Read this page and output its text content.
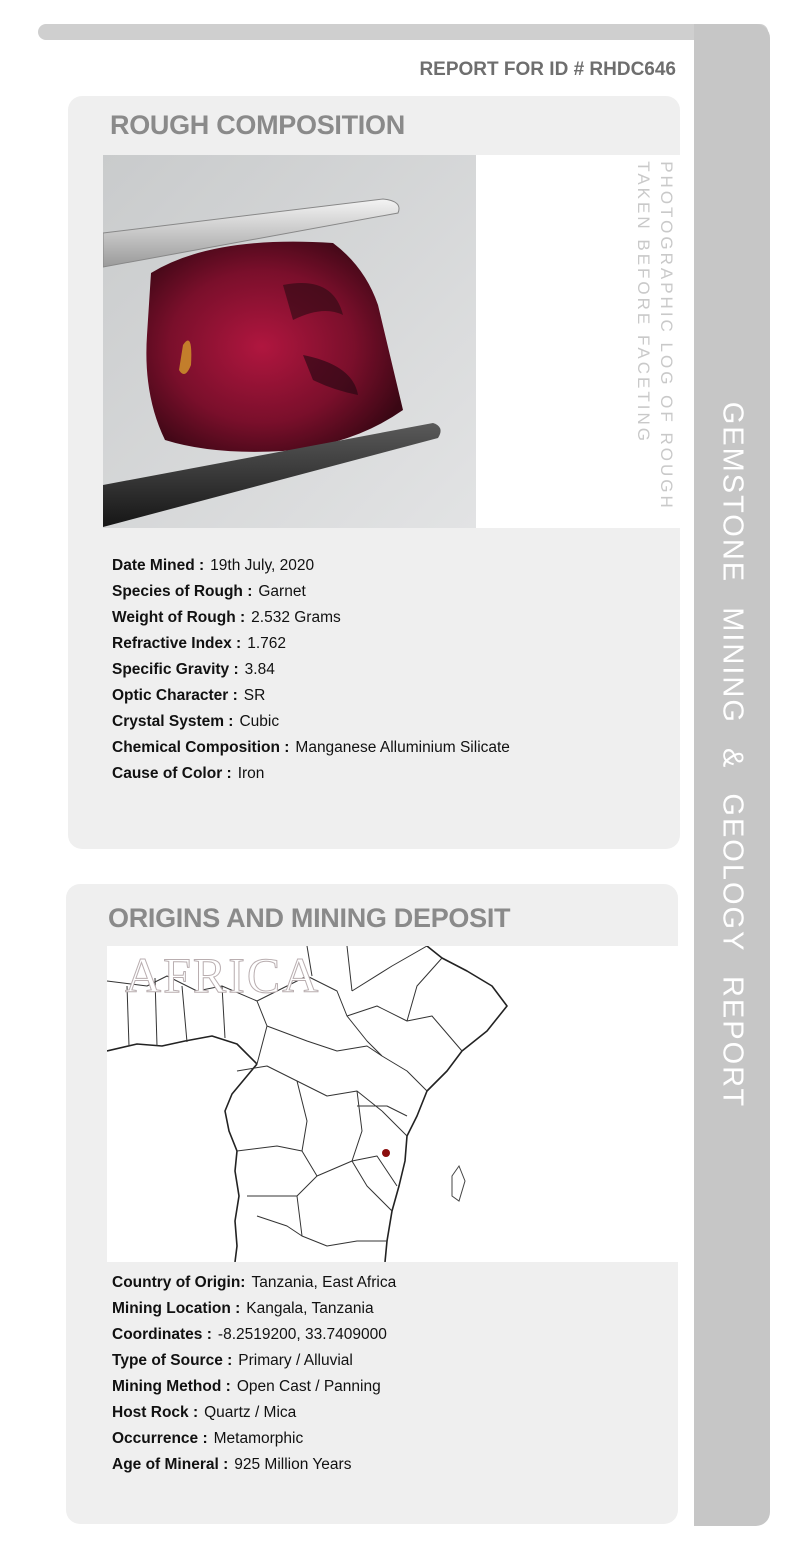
GEMSTONE MINING & GEOLOGY REPORT
REPORT FOR ID # RHDC646
ROUGH COMPOSITION
PHOTOGRAPHIC LOG OF ROUGH
TAKEN BEFORE FACETING
Date Mined : 19th July, 2020
Species of Rough : Garnet
Weight of Rough : 2.532 Grams
Refractive Index : 1.762
Specific Gravity : 3.84
Optic Character : SR
Crystal System : Cubic
Chemical Composition : Manganese Alluminium Silicate
Cause of Color : Iron
ORIGINS AND MINING DEPOSIT
AFRICA
Country of Origin: Tanzania, East Africa
Mining Location : Kangala, Tanzania
Coordinates : -8.2519200, 33.7409000
Type of Source : Primary / Alluvial
Mining Method : Open Cast / Panning
Host Rock : Quartz / Mica
Occurrence : Metamorphic
Age of Mineral : 925 Million Years
